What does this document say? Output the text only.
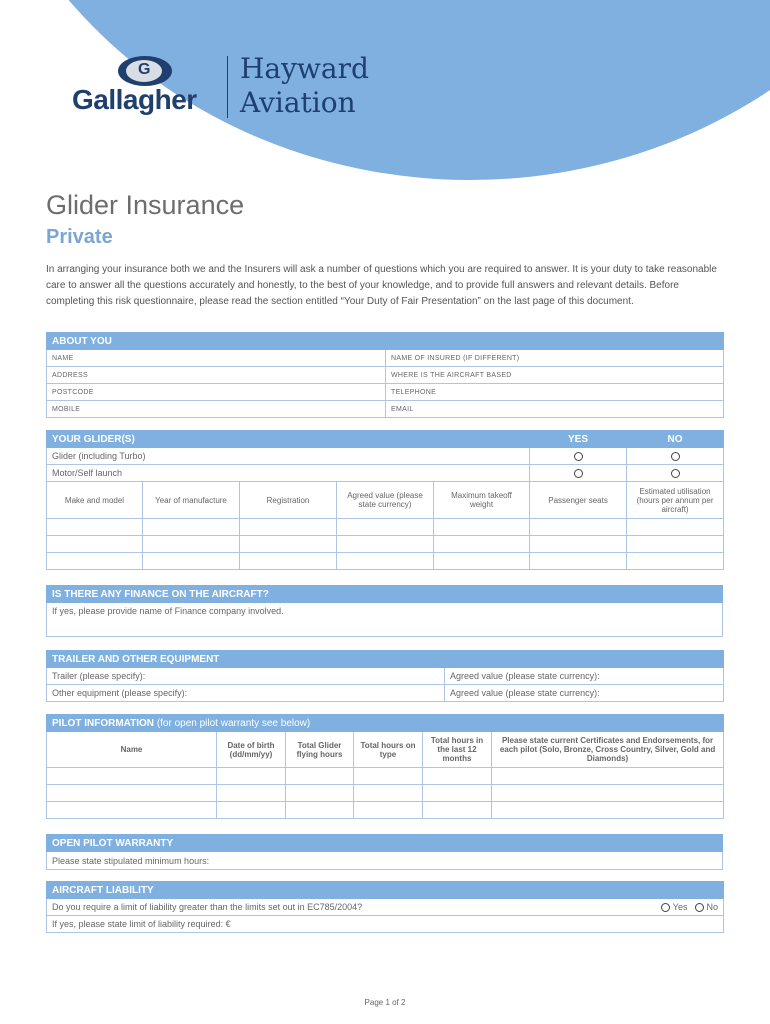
G
Gallagher
Hayward
Aviation
Glider Insurance
Private

In arranging your insurance both we and the Insurers will ask a number of questions which you are required to answer. It is your duty to take reasonable care to answer all the questions accurately and honestly, to the best of your knowledge, and to provide full answers and relevant details. Before completing this risk questionnaire, please read the section entitled “Your Duty of Fair Presentation” on the last page of this document.

ABOUT YOU	
NAME	NAME OF INSURED (IF DIFFERENT)
ADDRESS	WHERE IS THE AIRCRAFT BASED
POSTCODE	TELEPHONE
MOBILE	EMAIL
YOUR GLIDER(S)					YES	NO
Glider (including Turbo)						
Motor/Self launch						
Make and model	Year of manufacture	Registration	Agreed value (please state currency)	Maximum takeoff weight	Passenger seats	Estimated utilisation (hours per annum per aircraft)

IS THERE ANY FINANCE ON THE AIRCRAFT?
If yes, please provide name of Finance company involved.
TRAILER AND OTHER EQUIPMENT	
Trailer (please specify):	Agreed value (please state currency):
Other equipment (please specify):	Agreed value (please state currency):
PILOT INFORMATION (for open pilot warranty see below)					
Name	Date of birth (dd/mm/yy)	Total Glider flying hours	Total hours on type	Total hours in the last 12 months	Please state current Certificates and Endorsements, for each pilot (Solo, Bronze, Cross Country, Silver, Gold and Diamonds)

OPEN PILOT WARRANTY
Please state stipulated minimum hours:
AIRCRAFT LIABILITY
Do you require a limit of liability greater than the limits set out in EC785/2004?	Yes No
If yes, please state limit of liability required: €
Page 1 of 2
